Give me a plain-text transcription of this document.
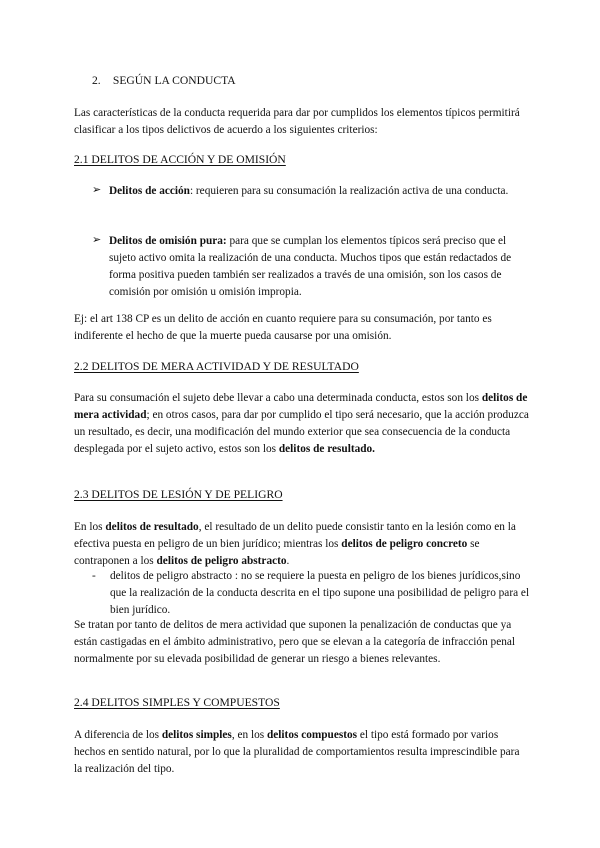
2. SEGÚN LA CONDUCTA

Las características de la conducta requerida para dar por cumplidos los elementos típicos permitirá clasificar a los tipos delictivos de acuerdo a los siguientes criterios:

2.1 DELITOS DE ACCIÓN Y DE OMISIÓN
➢ Delitos de acción: requieren para su consumación la realización activa de una conducta.

➢ Delitos de omisión pura: para que se cumplan los elementos típicos será preciso que el sujeto activo omita la realización de una conducta. Muchos tipos que están redactados de forma positiva pueden también ser realizados a través de una omisión, son los casos de comisión por omisión u omisión impropia.

Ej: el art 138 CP es un delito de acción en cuanto requiere para su consumación, por tanto es indiferente el hecho de que la muerte pueda causarse por una omisión.

2.2 DELITOS DE MERA ACTIVIDAD Y DE RESULTADO

Para su consumación el sujeto debe llevar a cabo una determinada conducta, estos son los delitos de mera actividad; en otros casos, para dar por cumplido el tipo será necesario, que la acción produzca un resultado, es decir, una modificación del mundo exterior que sea consecuencia de la conducta desplegada por el sujeto activo, estos son los delitos de resultado.

2.3 DELITOS DE LESIÓN Y DE PELIGRO

En los delitos de resultado, el resultado de un delito puede consistir tanto en la lesión como en la efectiva puesta en peligro de un bien jurídico; mientras los delitos de peligro concreto se contraponen a los delitos de peligro abstracto.

- delitos de peligro abstracto : no se requiere la puesta en peligro de los bienes jurídicos,sino que la realización de la conducta descrita en el tipo supone una posibilidad de peligro para el bien jurídico.

Se tratan por tanto de delitos de mera actividad que suponen la penalización de conductas que ya están castigadas en el ámbito administrativo, pero que se elevan a la categoría de infracción penal normalmente por su elevada posibilidad de generar un riesgo a bienes relevantes.

2.4 DELITOS SIMPLES Y COMPUESTOS

A diferencia de los delitos simples, en los delitos compuestos el tipo está formado por varios hechos en sentido natural, por lo que la pluralidad de comportamientos resulta imprescindible para la realización del tipo.
